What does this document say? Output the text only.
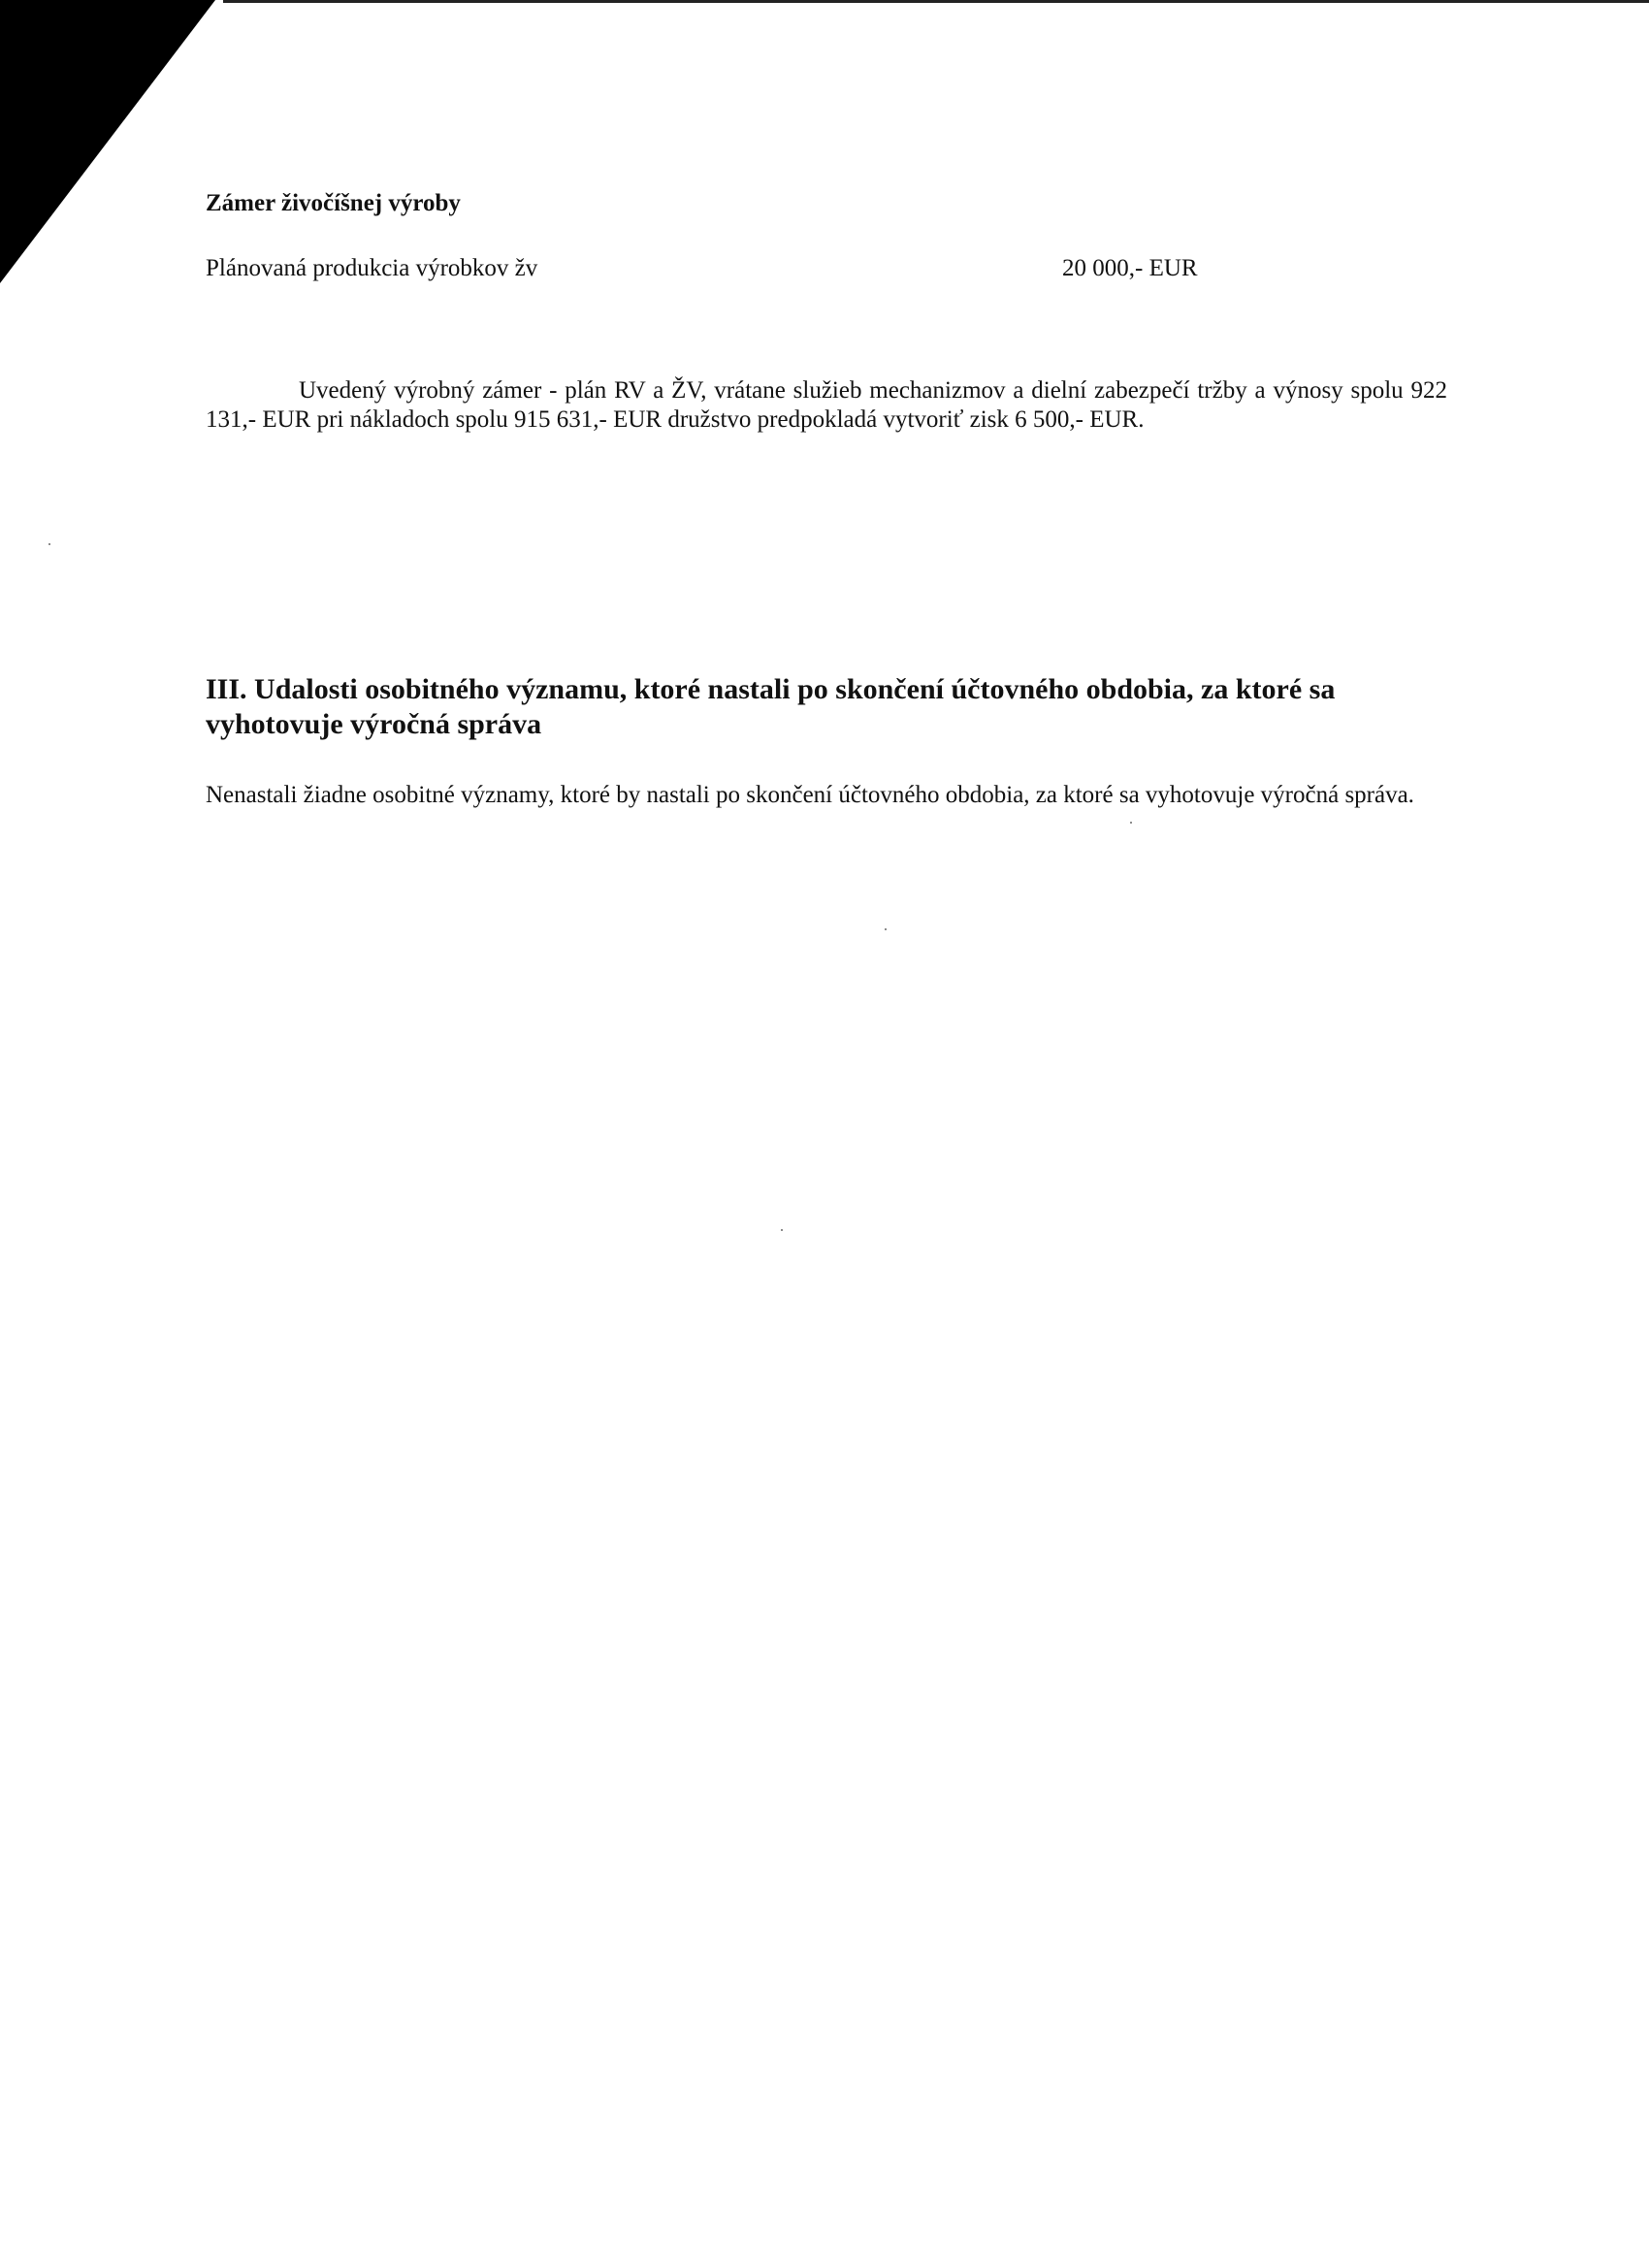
Zámer živočíšnej výroby
Plánovaná produkcia výrobkov žv	20 000,- EUR

Uvedený výrobný zámer - plán RV a ŽV, vrátane služieb mechanizmov a dielní zabezpečí tržby a výnosy spolu 922 131,- EUR pri nákladoch spolu 915 631,- EUR družstvo predpokladá vytvoriť zisk 6 500,- EUR.

III. Udalosti osobitného významu, ktoré nastali po skončení účtovného obdobia, za ktoré sa vyhotovuje výročná správa

Nenastali žiadne osobitné významy, ktoré by nastali po skončení účtovného obdobia, za ktoré sa vyhotovuje výročná správa.
